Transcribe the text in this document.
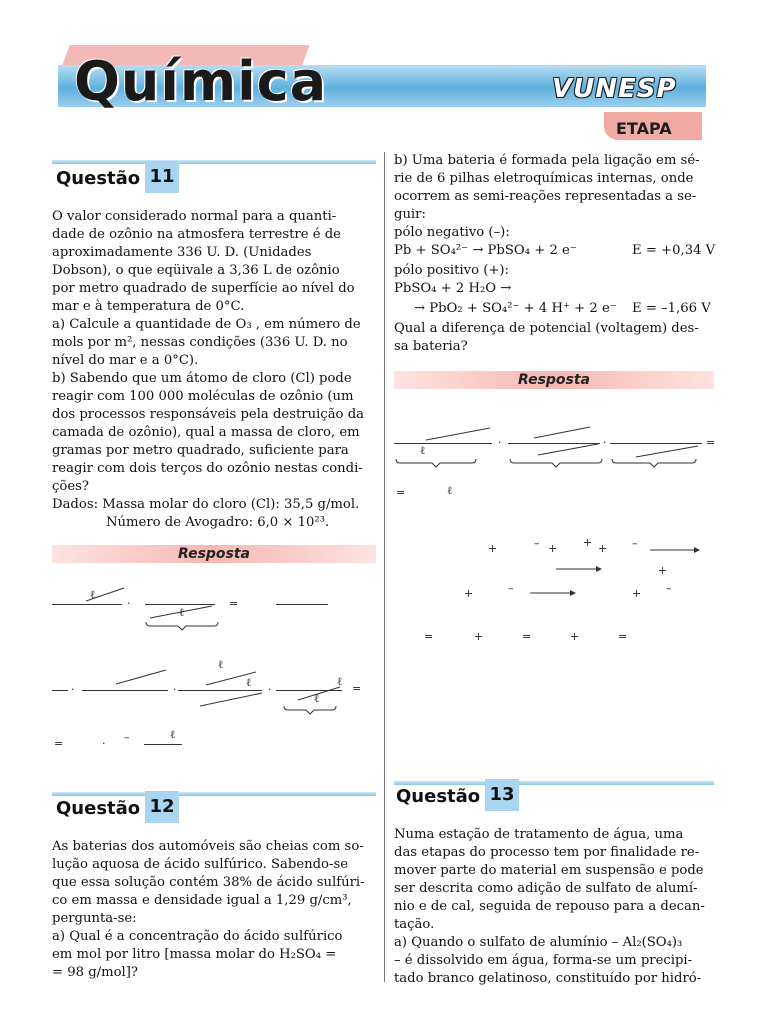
Química	VUNESP
ETAPA
Questão 11

O valor considerado normal para a quanti-

dade de ozônio na atmosfera terrestre é de

aproximadamente 336 U. D. (Unidades

Dobson), o que eqüivale a 3,36 L de ozônio

por metro quadrado de superfície ao nível do

mar e à temperatura de 0°C.

a) Calcule a quantidade de O₃ , em número de

mols por m², nessas condições (336 U. D. no

nível do mar e a 0°C).

b) Sabendo que um átomo de cloro (Cl) pode

reagir com 100 000 moléculas de ozônio (um

dos processos responsáveis pela destruição da

camada de ozônio), qual a massa de cloro, em

gramas por metro quadrado, suficiente para

reagir com dois terços do ozônio nestas condi-

ções?

Dados: Massa molar do cloro (Cl): 35,5 g/mol.

Número de Avogadro: 6,0 × 10²³.

Resposta
ℓ
ℓ
·	=
·	·	·
ℓ
ℓ	ℓ
ℓ
=
=	· –	ℓ
Questão 12

As baterias dos automóveis são cheias com so-

lução aquosa de ácido sulfúrico. Sabendo-se

que essa solução contém 38% de ácido sulfúri-

co em massa e densidade igual a 1,29 g/cm³,

pergunta-se:

a) Qual é a concentração do ácido sulfúrico

em mol por litro [massa molar do H₂SO₄ =

= 98 g/mol]?

b) Uma bateria é formada pela ligação em sé-

rie de 6 pilhas eletroquímicas internas, onde

ocorrem as semi-reações representadas a se-

guir:

pólo negativo (–):
Pb + SO₄²⁻ → PbSO₄ + 2 e⁻	E = +0,34 V
pólo positivo (+):
PbSO₄ + 2 H₂O →
→ PbO₂ + SO₄²⁻ + 4 H⁺ + 2 e⁻ E = –1,66 V

Qual a diferença de potencial (voltagem) des-

sa bateria?

Resposta
·	·	=
ℓ
=	ℓ
+	– + + + –
+
+	–	+ –
=	+	=	+	=
Questão 13

Numa estação de tratamento de água, uma

das etapas do processo tem por finalidade re-

mover parte do material em suspensão e pode

ser descrita como adição de sulfato de alumí-

nio e de cal, seguida de repouso para a decan-

tação.

a) Quando o sulfato de alumínio – Al₂(SO₄)₃

– é dissolvido em água, forma-se um precipi-

tado branco gelatinoso, constituído por hidró-
